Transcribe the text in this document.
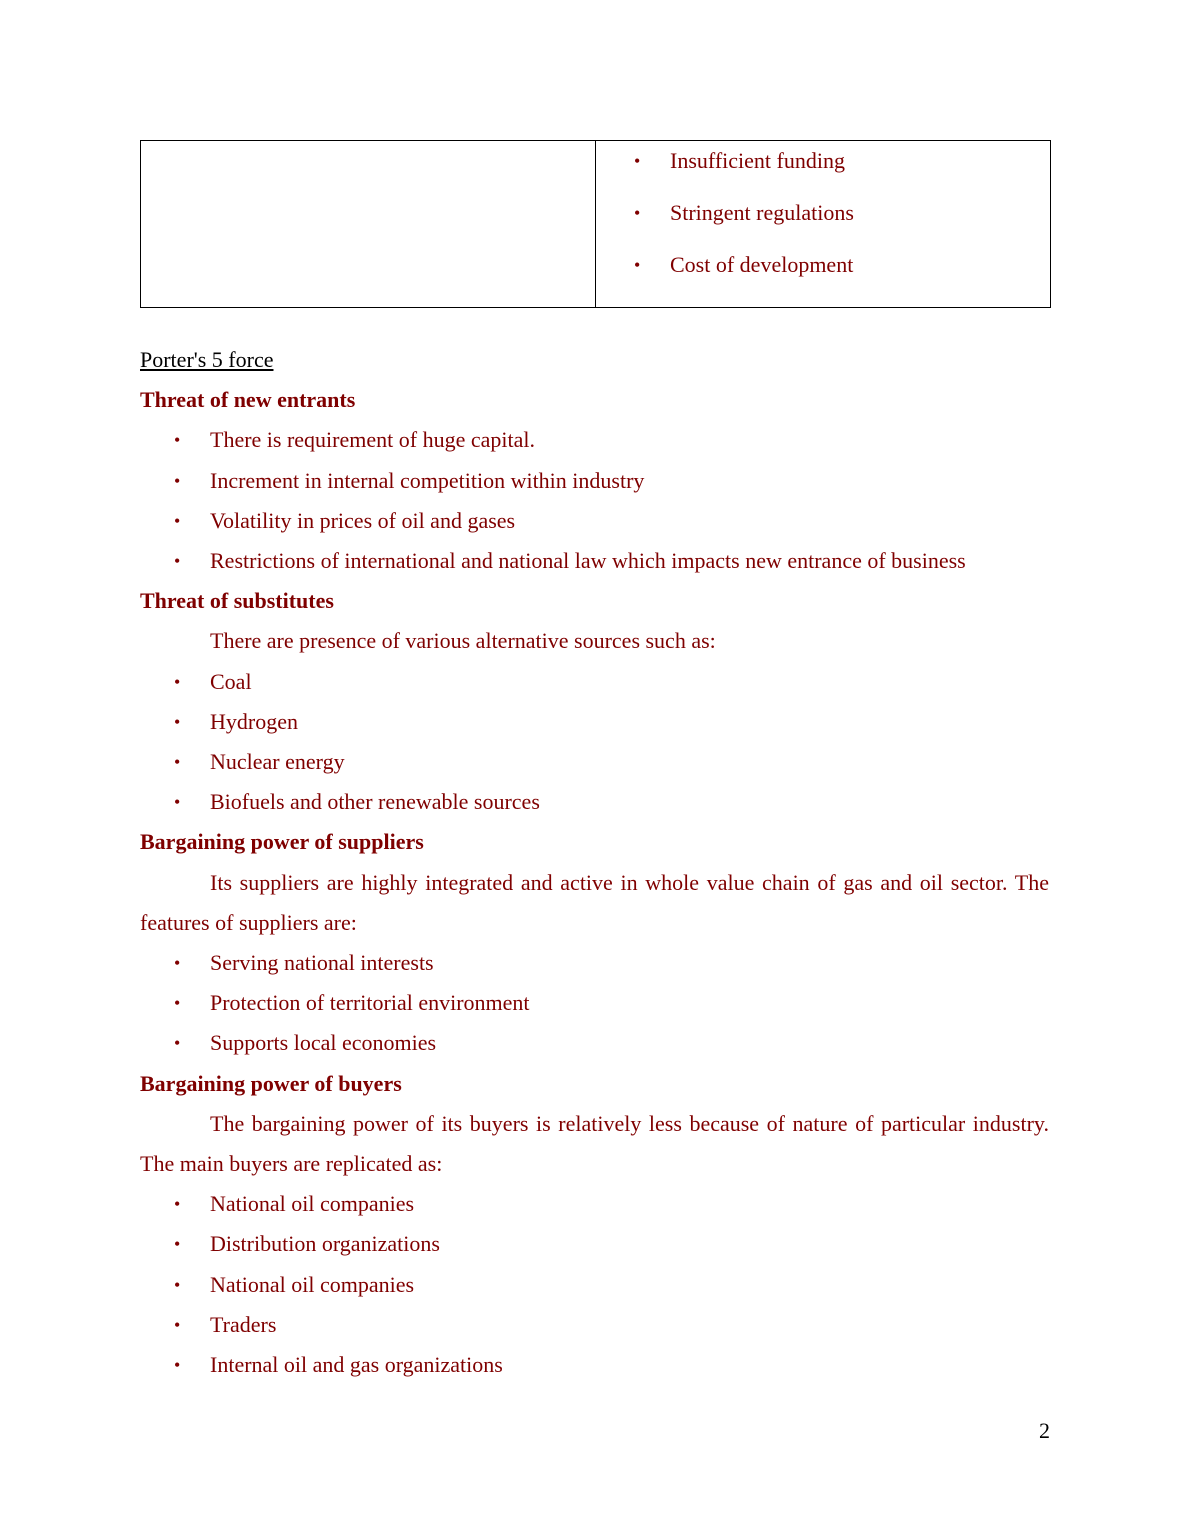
• Insufficient funding
• Stringent regulations
• Cost of development
Porter's 5 force
Threat of new entrants
• There is requirement of huge capital.
• Increment in internal competition within industry
• Volatility in prices of oil and gases
• Restrictions of international and national law which impacts new entrance of business
Threat of substitutes
There are presence of various alternative sources such as:
• Coal
• Hydrogen
• Nuclear energy
• Biofuels and other renewable sources
Bargaining power of suppliers
Its suppliers are highly integrated and active in whole value chain of gas and oil sector. The features of suppliers are:
• Serving national interests
• Protection of territorial environment
• Supports local economies
Bargaining power of buyers
The bargaining power of its buyers is relatively less because of nature of particular industry. The main buyers are replicated as:
• National oil companies
• Distribution organizations
• National oil companies
• Traders
• Internal oil and gas organizations
2
